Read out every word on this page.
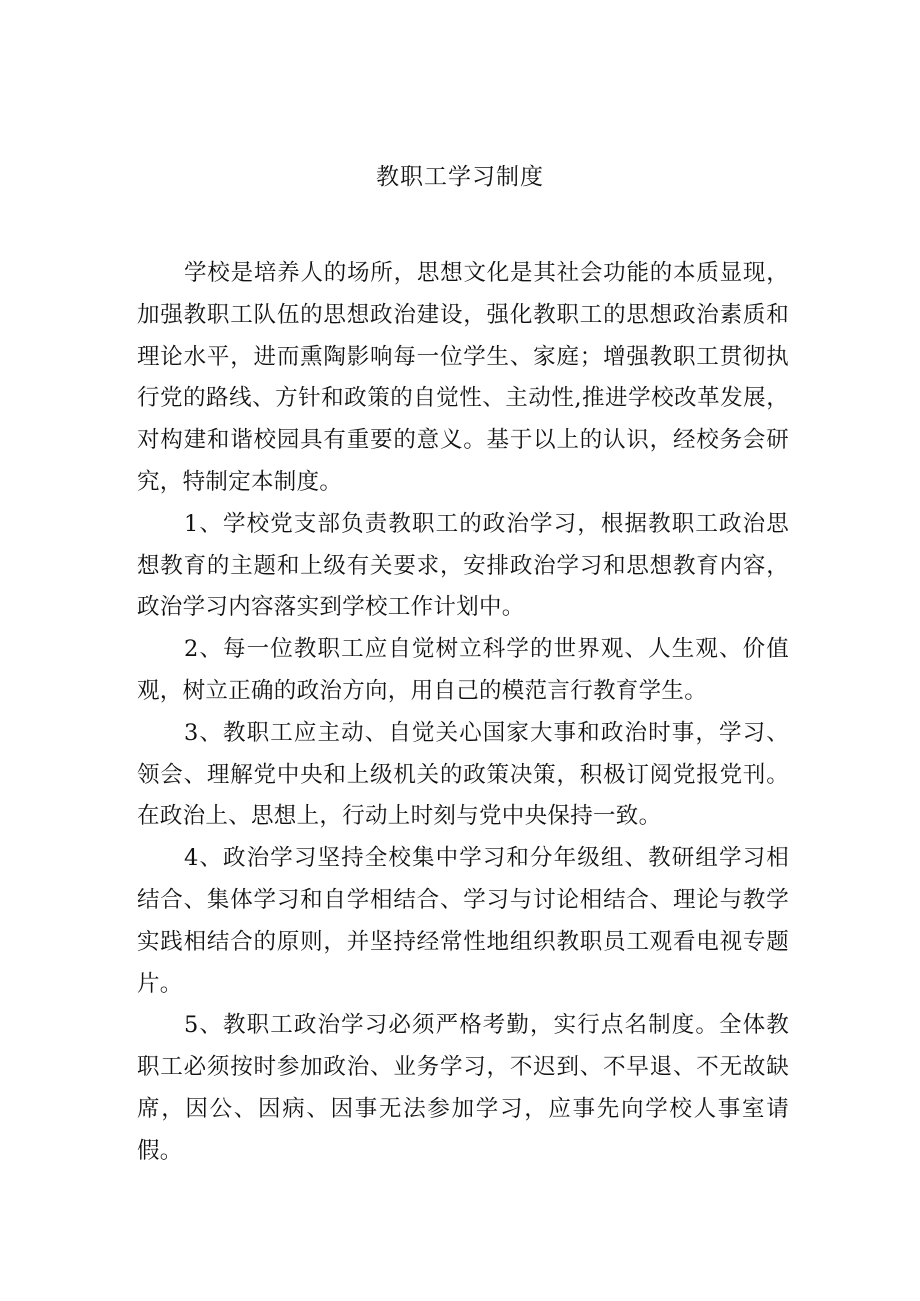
教职工学习制度

学校是培养人的场所，思想文化是其社会功能的本质显现，加强教职工队伍的思想政治建设，强化教职工的思想政治素质和理论水平，进而熏陶影响每一位学生、家庭；增强教职工贯彻执行党的路线、方针和政策的自觉性、主动性,推进学校改革发展，对构建和谐校园具有重要的意义。基于以上的认识，经校务会研究，特制定本制度。

1、学校党支部负责教职工的政治学习，根据教职工政治思想教育的主题和上级有关要求，安排政治学习和思想教育内容，政治学习内容落实到学校工作计划中。

2、每一位教职工应自觉树立科学的世界观、人生观、价值观，树立正确的政治方向，用自己的模范言行教育学生。

3、教职工应主动、自觉关心国家大事和政治时事，学习、领会、理解党中央和上级机关的政策决策，积极订阅党报党刊。在政治上、思想上，行动上时刻与党中央保持一致。

4、政治学习坚持全校集中学习和分年级组、教研组学习相结合、集体学习和自学相结合、学习与讨论相结合、理论与教学实践相结合的原则，并坚持经常性地组织教职员工观看电视专题片。

5、教职工政治学习必须严格考勤，实行点名制度。全体教职工必须按时参加政治、业务学习，不迟到、不早退、不无故缺席，因公、因病、因事无法参加学习，应事先向学校人事室请假。
